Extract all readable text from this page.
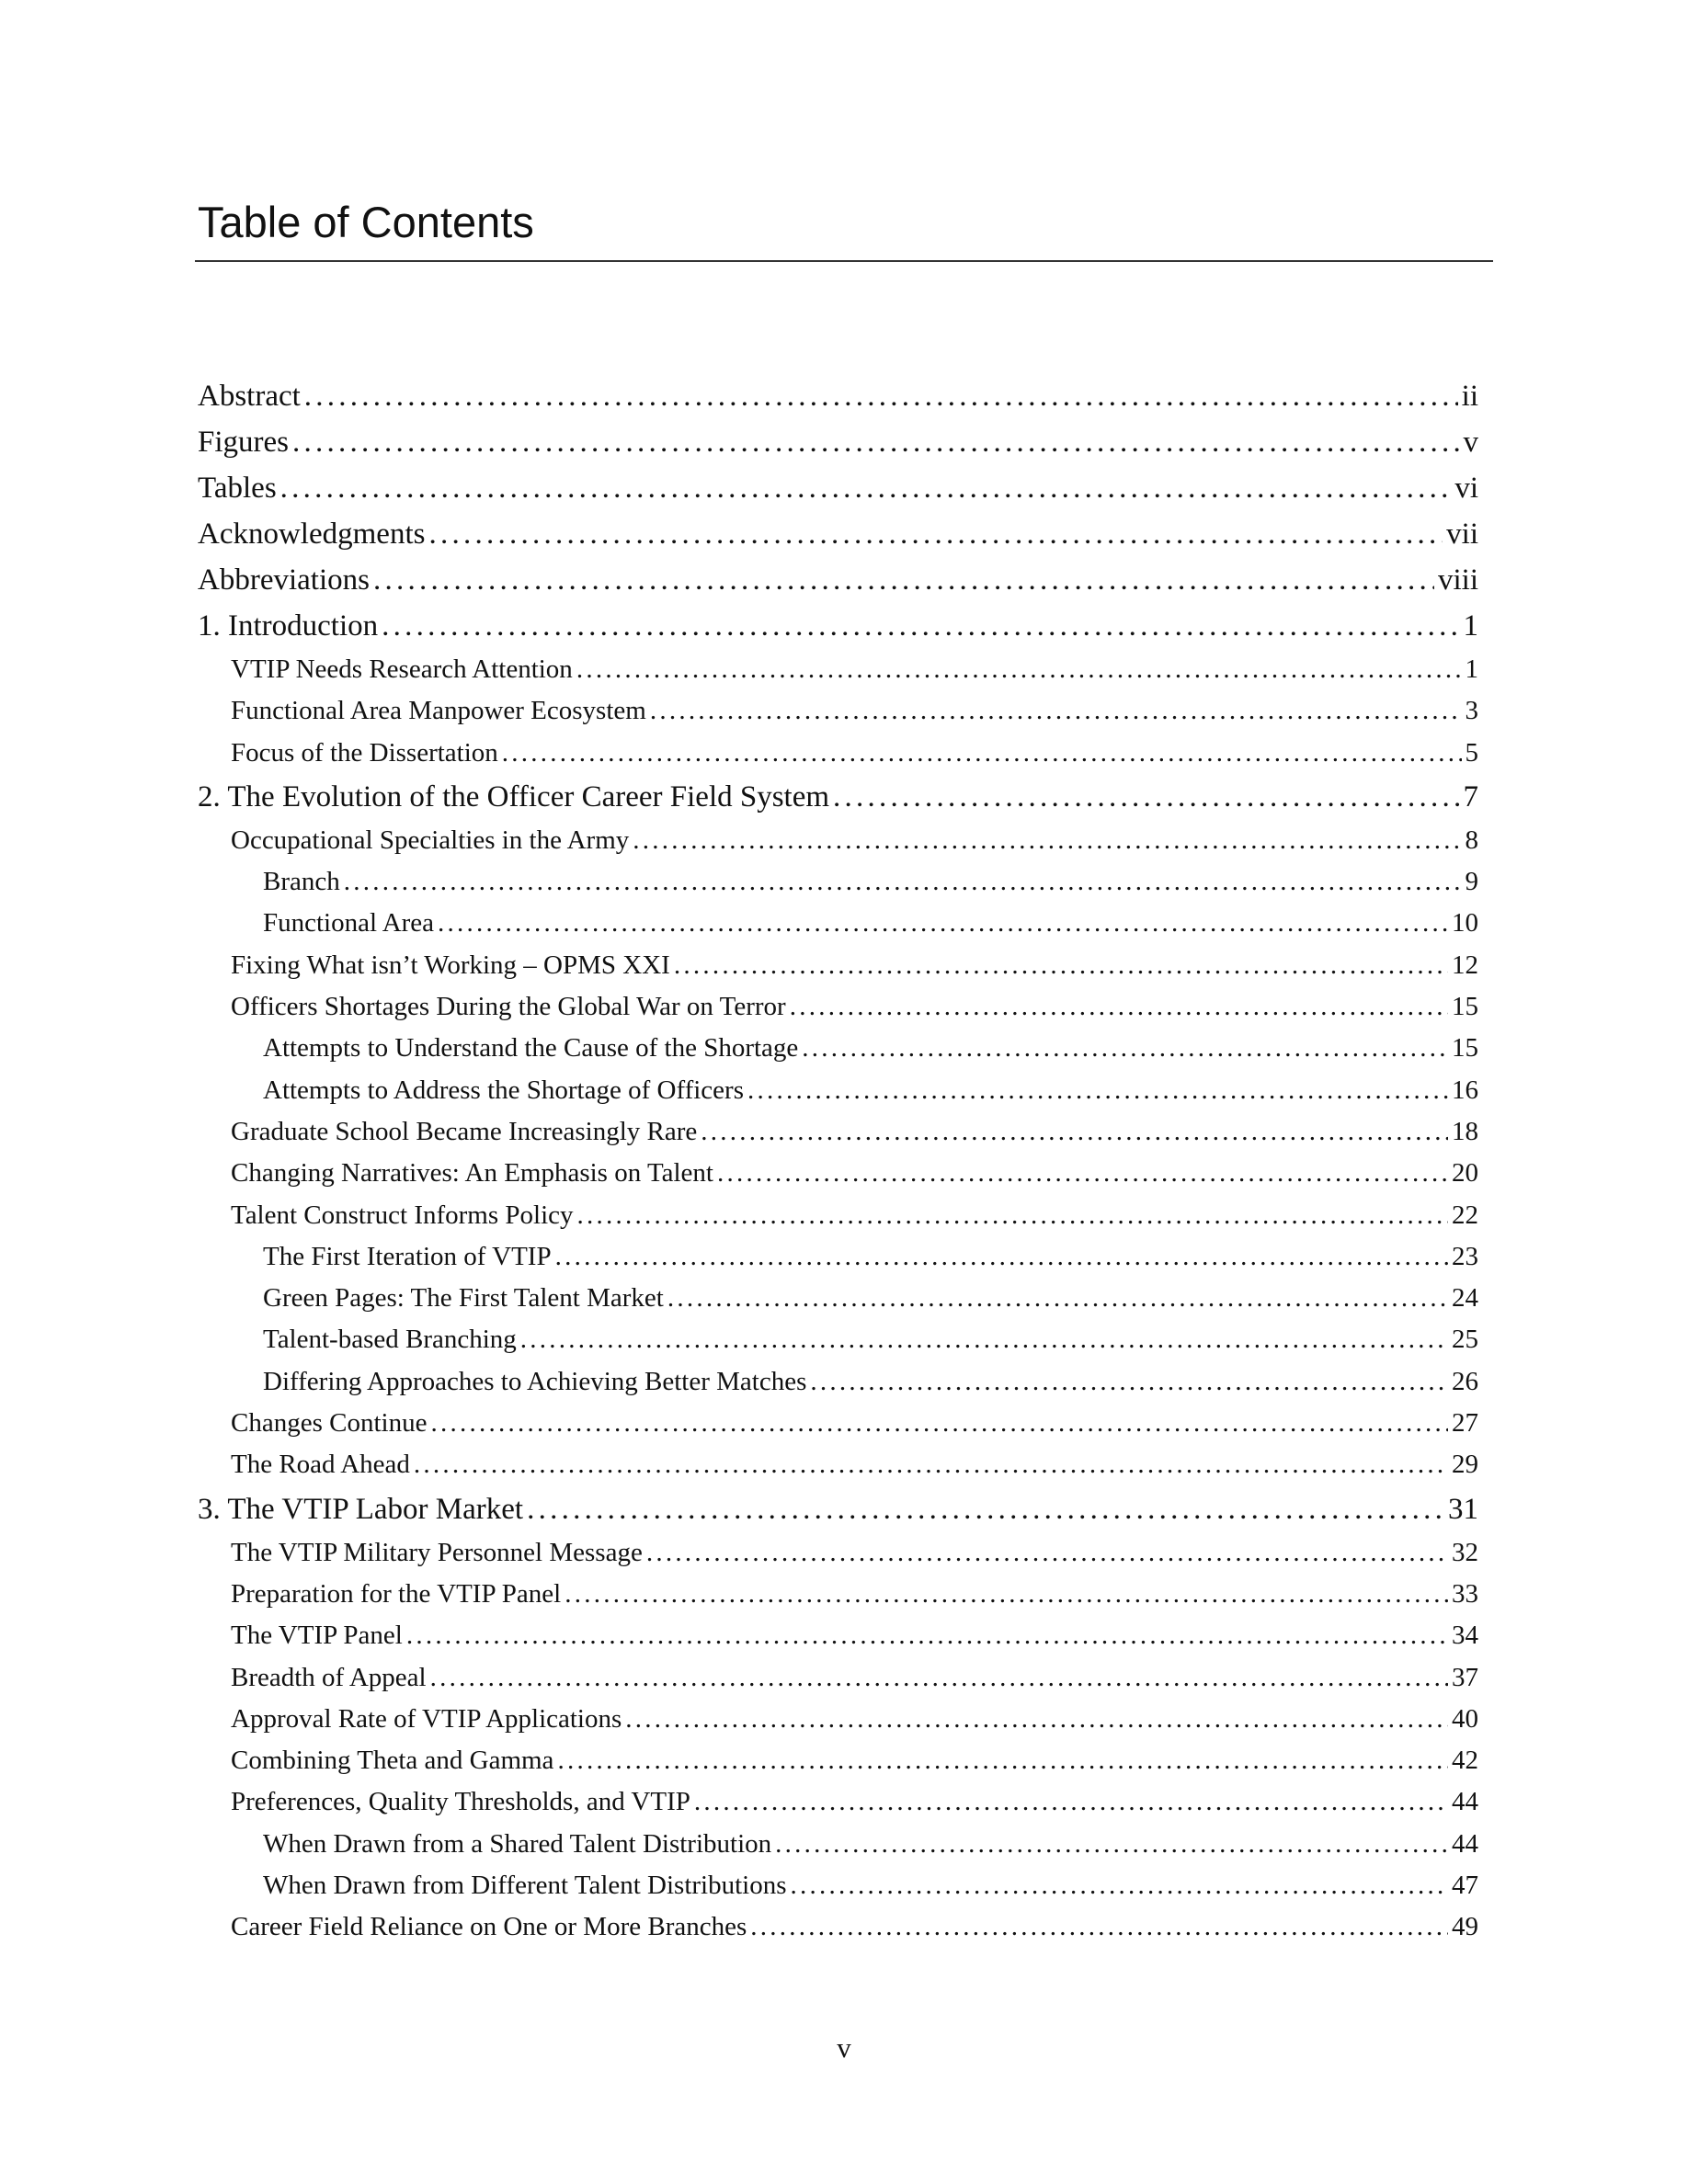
Table of Contents
Abstract . . .	ii
Figures . . .	v
Tables . . .	vi
Acknowledgments . . .	vii
Abbreviations . . .	viii
1. Introduction . . .	1
VTIP Needs Research Attention . . .	1
Functional Area Manpower Ecosystem . . .	3
Focus of the Dissertation . . .	5
2. The Evolution of the Officer Career Field System . . .	7
Occupational Specialties in the Army . . .	8
Branch . . .	9
Functional Area . . .	10
Fixing What isn’t Working – OPMS XXI . . .	12
Officers Shortages During the Global War on Terror . . .	15
Attempts to Understand the Cause of the Shortage . . .	15
Attempts to Address the Shortage of Officers . . .	16
Graduate School Became Increasingly Rare . . .	18
Changing Narratives: An Emphasis on Talent . . .	20
Talent Construct Informs Policy . . .	22
The First Iteration of VTIP . . .	23
Green Pages: The First Talent Market . . .	24
Talent-based Branching . . .	25
Differing Approaches to Achieving Better Matches . . .	26
Changes Continue . . .	27
The Road Ahead . . .	29
3. The VTIP Labor Market . . .	31
The VTIP Military Personnel Message . . .	32
Preparation for the VTIP Panel . . .	33
The VTIP Panel . . .	34
Breadth of Appeal . . .	37
Approval Rate of VTIP Applications . . .	40
Combining Theta and Gamma . . .	42
Preferences, Quality Thresholds, and VTIP . . .	44
When Drawn from a Shared Talent Distribution . . .	44
When Drawn from Different Talent Distributions . . .	47
Career Field Reliance on One or More Branches . . .	49
v
